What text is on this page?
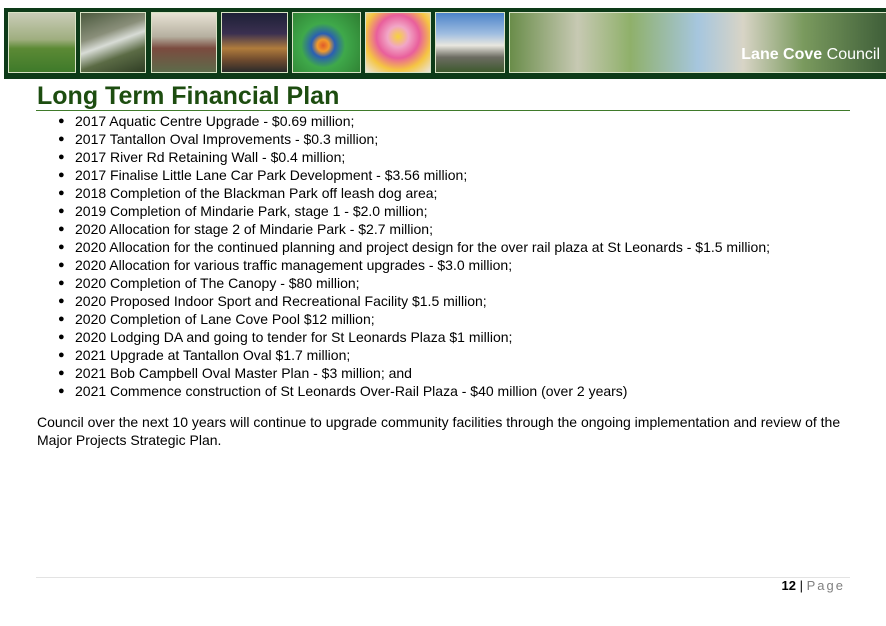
Lane Cove Council
Long Term Financial Plan
● 2017 Aquatic Centre Upgrade - $0.69 million;
● 2017 Tantallon Oval Improvements - $0.3 million;
● 2017 River Rd Retaining Wall - $0.4 million;
● 2017 Finalise Little Lane Car Park Development - $3.56 million;
● 2018 Completion of the Blackman Park off leash dog area;
● 2019 Completion of Mindarie Park, stage 1 - $2.0 million;
● 2020 Allocation for stage 2 of Mindarie Park - $2.7 million;
● 2020 Allocation for the continued planning and project design for the over rail plaza at St Leonards - $1.5 million;
● 2020 Allocation for various traffic management upgrades - $3.0 million;
● 2020 Completion of The Canopy - $80 million;
● 2020 Proposed Indoor Sport and Recreational Facility $1.5 million;
● 2020 Completion of Lane Cove Pool $12 million;
● 2020 Lodging DA and going to tender for St Leonards Plaza $1 million;
● 2021 Upgrade at Tantallon Oval $1.7 million;
● 2021 Bob Campbell Oval Master Plan - $3 million; and
● 2021 Commence construction of St Leonards Over-Rail Plaza - $40 million (over 2 years)

Council over the next 10 years will continue to upgrade community facilities through the ongoing implementation and review of the Major Projects Strategic Plan.

12 | Page
